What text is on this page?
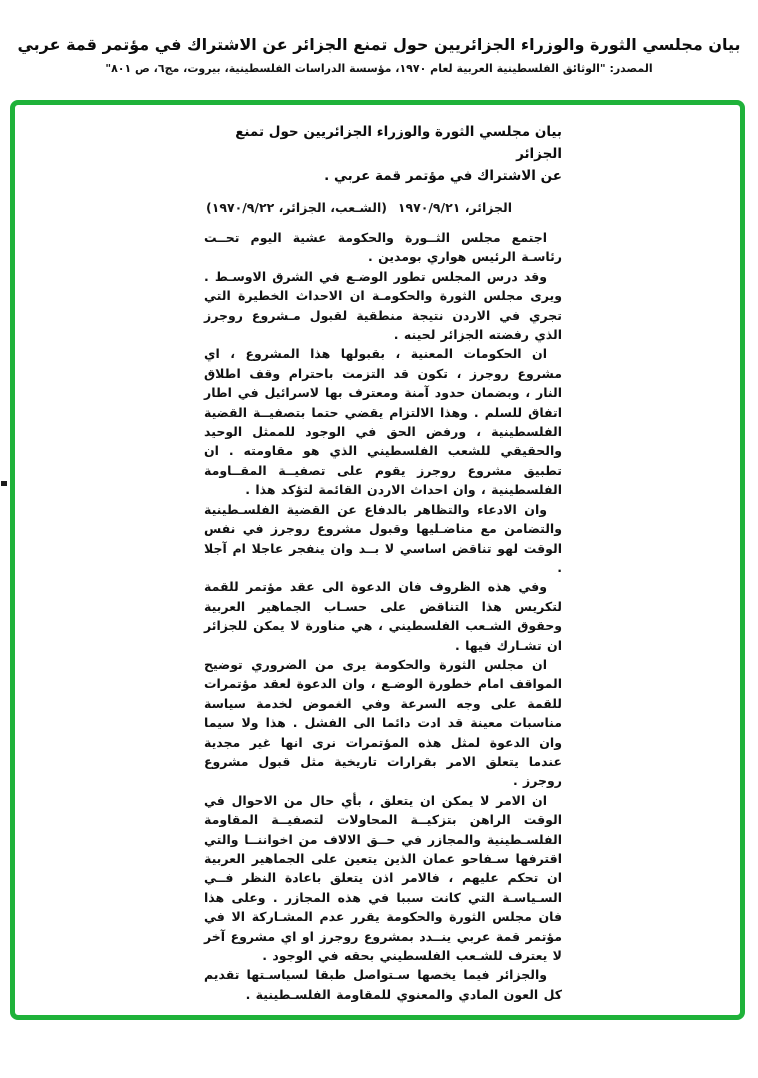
بيان مجلسي الثورة والوزراء الجزائريين حول تمنع الجزائر عن الاشتراك في مؤتمر قمة عربي
المصدر: "الوثائق الفلسطينية العربية لعام ١٩٧٠، مؤسسة الدراسات الفلسطينية، بيروت، مج٦، ص ٨٠١"
بيان مجلسي الثورة والوزراء الجزائريين حول تمنع الجزائر
عن الاشتراك في مؤتمر قمة عربي .
الجزائر، ١٩٧٠/٩/٢١
(الشـعب، الجزائر، ١٩٧٠/٩/٢٢)

اجتمع مجلس الثــورة والحكومة عشية اليوم تحــت رئاسـة الرئيس هواري بومدين .

وقد درس المجلس تطور الوضـع في الشرق الاوسـط . ويرى مجلس الثورة والحكومـة ان الاحداث الخطيرة التي تجري في الاردن نتيجة منطقية لقبول مـشروع روجرز الذي رفضته الجزائر لحينه .

ان الحكومات المعنية ، بقبولها هذا المشروع ، اي مشروع روجرز ، تكون قد التزمت باحترام وقف اطلاق النار ، وبضمان حدود آمنة ومعترف بها لاسرائيل في اطار اتفاق للسلم . وهذا الالتزام يقضي حتما بتصفيــة القضية الفلسطينية ، ورفض الحق في الوجود للممثل الوحيد والحقيقي للشعب الفلسطيني الذي هو مقاومته . ان تطبيق مشروع روجرز يقوم على تصفيــة المقــاومة الفلسطينية ، وان احداث الاردن القائمة لتؤكد هذا .

وان الادعاء والتظاهر بالدفاع عن القضية الفلسـطينية والتضامن مع مناضـليها وقبول مشروع روجرز في نفس الوقت لهو تناقض اساسي لا بــد وان ينفجر عاجلا ام آجلا .

وفي هذه الظروف فان الدعوة الى عقد مؤتمر للقمة لتكريس هذا التناقض على حسـاب الجماهير العربية وحقوق الشـعب الفلسطيني ، هي مناورة لا يمكن للجزائر ان تشـارك فيها .

ان مجلس الثورة والحكومة يرى من الضروري توضيح المواقف امام خطورة الوضـع ، وان الدعوة لعقد مؤتمرات للقمة على وجه السرعة وفي الغموض لخدمة سياسة مناسبات معينة قد ادت دائما الى الفشل . هذا ولا سيما وان الدعوة لمثل هذه المؤتمرات نرى انها غير مجدية عندما يتعلق الامر بقرارات تاريخية مثل قبول مشروع روجرز .

ان الامر لا يمكن ان يتعلق ، بأي حال من الاحوال في الوقت الراهن بتزكيــة المحاولات لتصفيــة المقاومة الفلسـطينية والمجازر في حــق الالاف من اخواننــا والتي اقترفها سـفاحو عمان الذين يتعين على الجماهير العربية ان تحكم عليهم ، فالامر اذن يتعلق باعادة النظر فــي السـياسـة التي كانت سببا في هذه المجازر . وعلى هذا فان مجلس الثورة والحكومة يقرر عدم المشـاركة الا في مؤتمر قمة عربي ينــدد بمشروع روجرز او اي مشروع آخر لا يعترف للشـعب الفلسطيني بحقه في الوجود .

والجزائر فيما يخصها سـتواصل طبقا لسياسـتها تقديم كل العون المادي والمعنوي للمقاومة الفلسـطينية .
